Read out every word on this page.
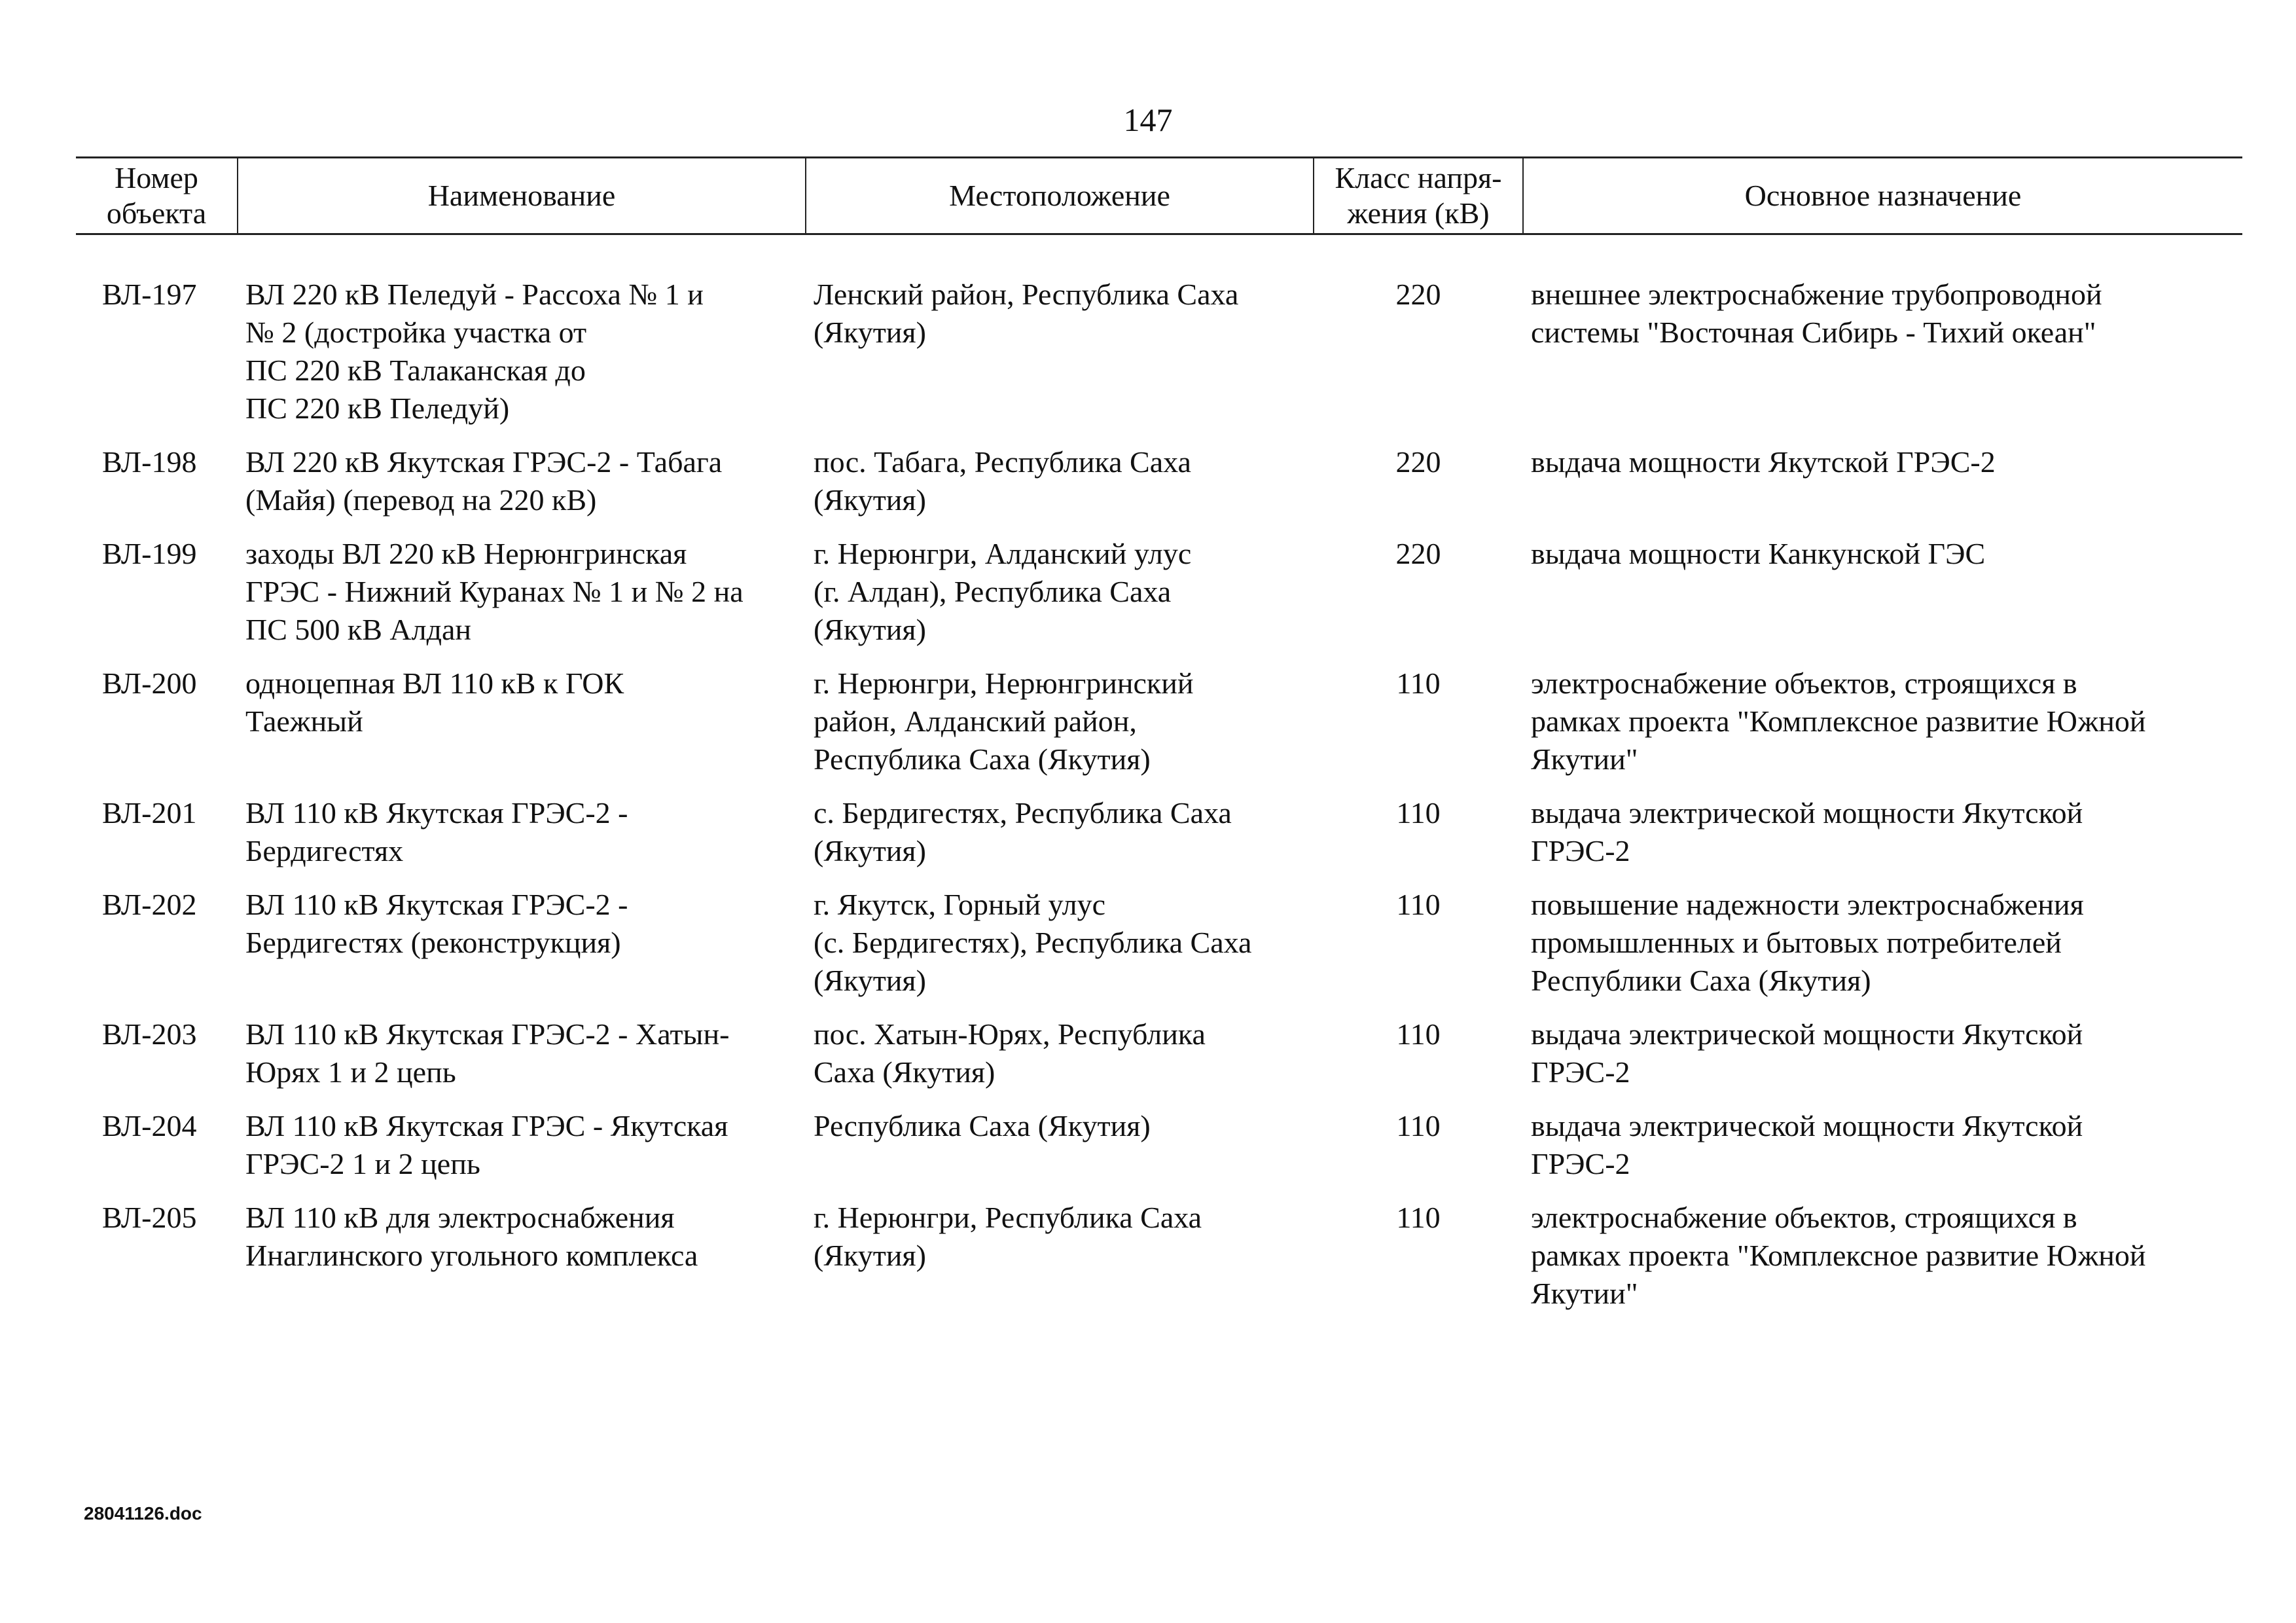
147
Номер
объекта	Наименование	Местоположение	Класс напря-
жения (кВ)	Основное назначение
ВЛ-197	ВЛ 220 кВ Пеледуй - Рассоха № 1 и
№ 2 (достройка участка от
ПС 220 кВ Талаканская до
ПС 220 кВ Пеледуй)	Ленский район, Республика Саха
(Якутия)	220	внешнее электроснабжение трубопроводной
системы "Восточная Сибирь - Тихий океан"
ВЛ-198	ВЛ 220 кВ Якутская ГРЭС-2 - Табага
(Майя) (перевод на 220 кВ)	пос. Табага, Республика Саха
(Якутия)	220	выдача мощности Якутской ГРЭС-2
ВЛ-199	заходы ВЛ 220 кВ Нерюнгринская
ГРЭС - Нижний Куранах № 1 и № 2 на
ПС 500 кВ Алдан	г. Нерюнгри, Алданский улус
(г. Алдан), Республика Саха
(Якутия)	220	выдача мощности Канкунской ГЭС
ВЛ-200	одноцепная ВЛ 110 кВ к ГОК
Таежный	г. Нерюнгри, Нерюнгринский
район, Алданский район,
Республика Саха (Якутия)	110	электроснабжение объектов, строящихся в
рамках проекта "Комплексное развитие Южной
Якутии"
ВЛ-201	ВЛ 110 кВ Якутская ГРЭС-2 -
Бердигестях	с. Бердигестях, Республика Саха
(Якутия)	110	выдача электрической мощности Якутской
ГРЭС-2
ВЛ-202	ВЛ 110 кВ Якутская ГРЭС-2 -
Бердигестях (реконструкция)	г. Якутск, Горный улус
(с. Бердигестях), Республика Саха
(Якутия)	110	повышение надежности электроснабжения
промышленных и бытовых потребителей
Республики Саха (Якутия)
ВЛ-203	ВЛ 110 кВ Якутская ГРЭС-2 - Хатын-
Юрях 1 и 2 цепь	пос. Хатын-Юрях, Республика
Саха (Якутия)	110	выдача электрической мощности Якутской
ГРЭС-2
ВЛ-204	ВЛ 110 кВ Якутская ГРЭС - Якутская
ГРЭС-2 1 и 2 цепь	Республика Саха (Якутия)	110	выдача электрической мощности Якутской
ГРЭС-2
ВЛ-205	ВЛ 110 кВ для электроснабжения
Инаглинского угольного комплекса	г. Нерюнгри, Республика Саха
(Якутия)	110	электроснабжение объектов, строящихся в
рамках проекта "Комплексное развитие Южной
Якутии"
28041126.doc
